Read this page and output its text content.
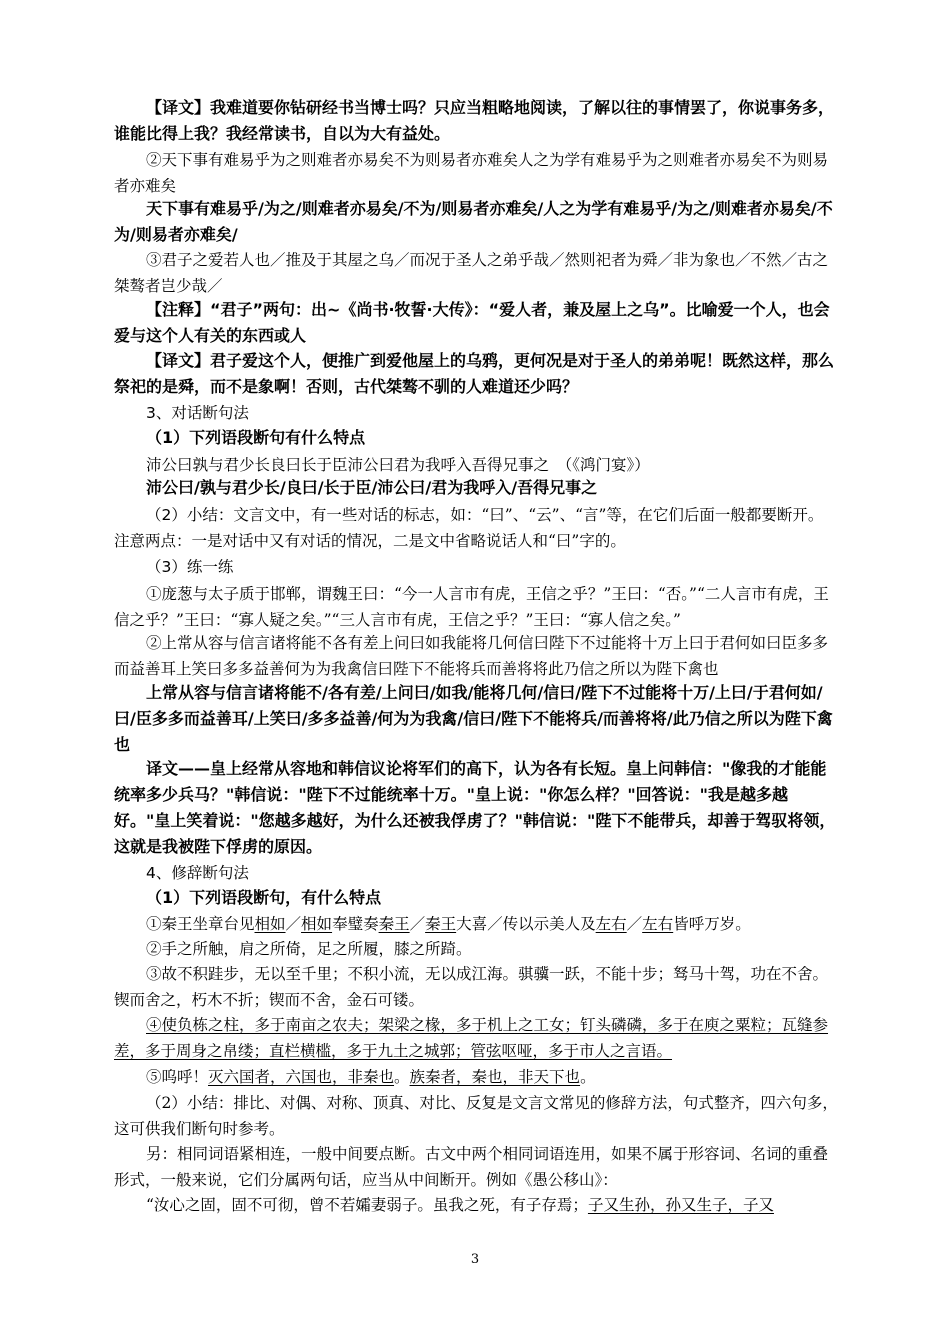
【译文】我难道要你钻研经书当博士吗？只应当粗略地阅读，了解以往的事情罢了，你说事务多，谁能比得上我？我经常读书，自以为大有益处。
②天下事有难易乎为之则难者亦易矣不为则易者亦难矣人之为学有难易乎为之则难者亦易矣不为则易者亦难矣
天下事有难易乎/为之/则难者亦易矣/不为/则易者亦难矣/人之为学有难易乎/为之/则难者亦易矣/不为/则易者亦难矣/
③君子之爱若人也／推及于其屋之乌／而况于圣人之弟乎哉／然则祀者为舜／非为象也／不然／古之桀骜者岂少哉／
【注释】“君子”两句：出~《尚书·牧誓·大传》：“爱人者，兼及屋上之乌”。比喻爱一个人，也会爱与这个人有关的东西或人
【译文】君子爱这个人，便推广到爱他屋上的乌鸦，更何况是对于圣人的弟弟呢！既然这样，那么祭祀的是舜，而不是象啊！否则，古代桀骜不驯的人难道还少吗？
3、对话断句法
（1）下列语段断句有什么特点
沛公曰孰与君少长良曰长于臣沛公曰君为我呼入吾得兄事之　（《鸿门宴》）
沛公曰/孰与君少长/良曰/长于臣/沛公曰/君为我呼入/吾得兄事之
（2）小结：文言文中，有一些对话的标志，如：“曰”、“云”、“言”等，在它们后面一般都要断开。注意两点：一是对话中又有对话的情况，二是文中省略说话人和“曰”字的。
（3）练一练
①庞葱与太子质于邯郸，谓魏王曰：“今一人言市有虎，王信之乎？”王曰：“否。”“二人言市有虎，王信之乎？”王曰：“寡人疑之矣。”“三人言市有虎，王信之乎？”王曰：“寡人信之矣。”
②上常从容与信言诸将能不各有差上问曰如我能将几何信曰陛下不过能将十万上曰于君何如曰臣多多而益善耳上笑曰多多益善何为为我禽信曰陛下不能将兵而善将将此乃信之所以为陛下禽也
上常从容与信言诸将能不/各有差/上问曰/如我/能将几何/信曰/陛下不过能将十万/上曰/于君何如/曰/臣多多而益善耳/上笑曰/多多益善/何为为我禽/信曰/陛下不能将兵/而善将将/此乃信之所以为陛下禽也
译文——皇上经常从容地和韩信议论将军们的高下，认为各有长短。皇上问韩信："像我的才能能统率多少兵马？"韩信说："陛下不过能统率十万。"皇上说："你怎么样？"回答说："我是越多越好。"皇上笑着说："您越多越好，为什么还被我俘虏了？"韩信说："陛下不能带兵，却善于驾驭将领，这就是我被陛下俘虏的原因。
4、修辞断句法
（1）下列语段断句，有什么特点
①秦王坐章台见相如／相如奉璧奏秦王／秦王大喜／传以示美人及左右／左右皆呼万岁。
②手之所触，肩之所倚，足之所履，膝之所踦。
③故不积跬步，无以至千里；不积小流，无以成江海。骐骥一跃，不能十步；驽马十驾，功在不舍。锲而舍之，朽木不折；锲而不舍，金石可镂。
④使负栋之柱，多于南亩之农夫；架梁之椽，多于机上之工女；钉头磷磷，多于在庾之粟粒；瓦缝参差，多于周身之帛缕；直栏横槛，多于九土之城郭；管弦呕哑，多于市人之言语。
⑤呜呼！灭六国者，六国也，非秦也。族秦者，秦也，非天下也。
（2）小结：排比、对偶、对称、顶真、对比、反复是文言文常见的修辞方法，句式整齐，四六句多，这可供我们断句时参考。
另：相同词语紧相连，一般中间要点断。古文中两个相同词语连用，如果不属于形容词、名词的重叠形式，一般来说，它们分属两句话，应当从中间断开。例如《愚公移山》：
“汝心之固，固不可彻，曾不若孀妻弱子。虽我之死，有子存焉；子又生孙，孙又生子，子又
3
